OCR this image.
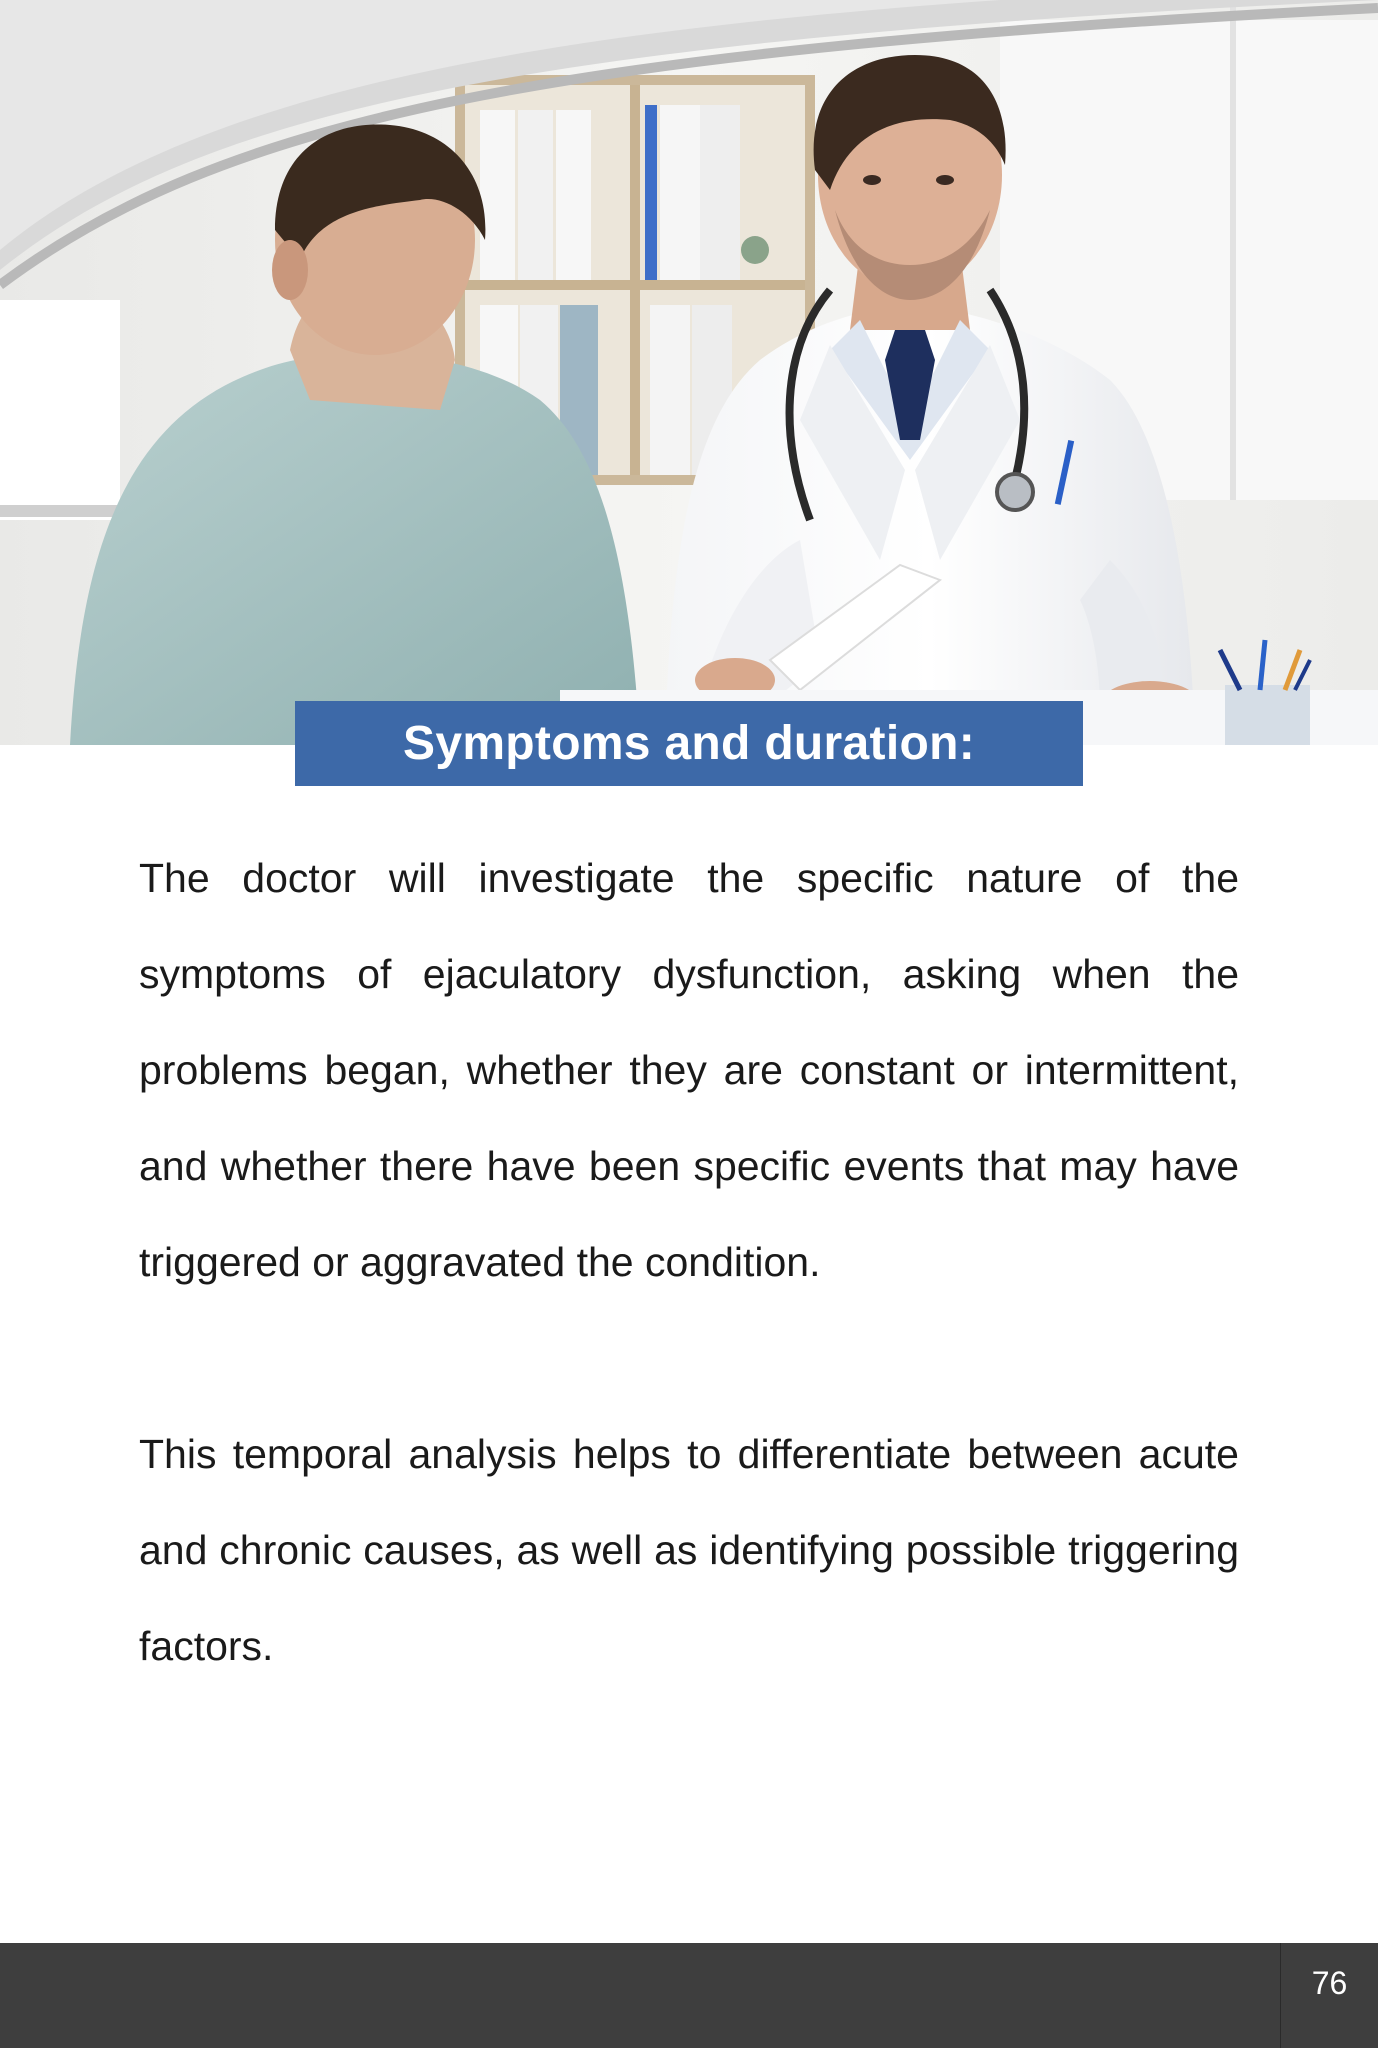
Symptoms and duration:

The doctor will investigate the specific nature of the symptoms of ejaculatory dysfunction, asking when the problems began, whether they are constant or intermittent, and whether there have been specific events that may have triggered or aggravated the condition.

This temporal analysis helps to differentiate between acute and chronic causes, as well as identifying possible triggering factors.

76
